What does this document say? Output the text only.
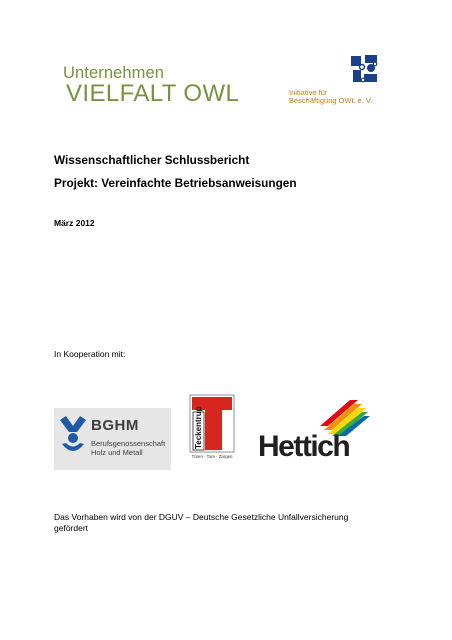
Unternehmen
VIELFALT OWL	Initiative für
Beschäftigung OWL e. V.
Wissenschaftlicher Schlussbericht
Projekt: Vereinfachte Betriebsanweisungen
März 2012
In Kooperation mit:
BGHM
Berufsgenossenschaft
Holz und Metall
Teckentrup
Türen · Tore · Zargen Hettich
Das Vorhaben wird von der DGUV – Deutsche Gesetzliche Unfallversicherung
gefördert
